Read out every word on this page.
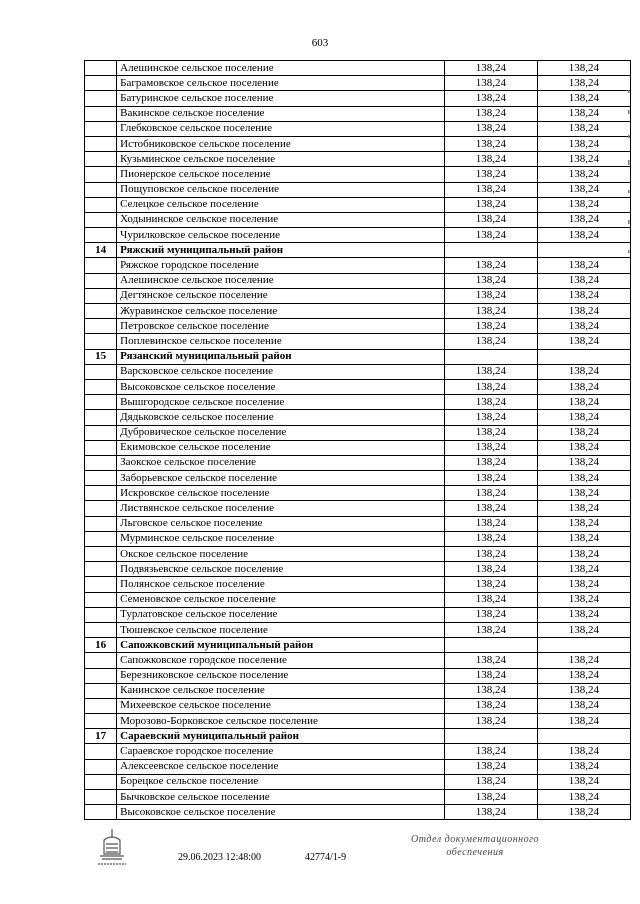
603
	Алешинское сельское поселение	138,24	138,24
	Баграмовское сельское поселение	138,24	138,24
	Батуринское сельское поселение	138,24	138,24
	Вакинское сельское поселение	138,24	138,24
	Глебковское сельское поселение	138,24	138,24
	Истобниковское сельское поселение	138,24	138,24
	Кузьминское сельское поселение	138,24	138,24
	Пионерское сельское поселение	138,24	138,24
	Пощуповское сельское поселение	138,24	138,24
	Селецкое сельское поселение	138,24	138,24
	Ходынинское сельское поселение	138,24	138,24
	Чурилковское сельское поселение	138,24	138,24
14	Ряжский муниципальный район		
	Ряжское городское поселение	138,24	138,24
	Алешинское сельское поселение	138,24	138,24
	Дегтянское сельское поселение	138,24	138,24
	Журавинское сельское поселение	138,24	138,24
	Петровское сельское поселение	138,24	138,24
	Поплевинское сельское поселение	138,24	138,24
15	Рязанский муниципальный район		
	Варсковское сельское поселение	138,24	138,24
	Высоковское сельское поселение	138,24	138,24
	Вышгородское сельское поселение	138,24	138,24
	Дядьковское сельское поселение	138,24	138,24
	Дубровическое сельское поселение	138,24	138,24
	Екимовское сельское поселение	138,24	138,24
	Заокское сельское поселение	138,24	138,24
	Заборьевское сельское поселение	138,24	138,24
	Искровское сельское поселение	138,24	138,24
	Листвянское сельское поселение	138,24	138,24
	Льговское сельское поселение	138,24	138,24
	Мурминское сельское поселение	138,24	138,24
	Окское сельское поселение	138,24	138,24
	Подвязьевское сельское поселение	138,24	138,24
	Полянское сельское поселение	138,24	138,24
	Семеновское сельское поселение	138,24	138,24
	Турлатовское сельское поселение	138,24	138,24
	Тюшевское сельское поселение	138,24	138,24
16	Сапожковский муниципальный район		
	Сапожковское городское поселение	138,24	138,24
	Березниковское сельское поселение	138,24	138,24
	Канинское сельское поселение	138,24	138,24
	Михеевское сельское поселение	138,24	138,24
	Морозово-Борковское сельское поселение	138,24	138,24
17	Сараевский муниципальный район		
	Сараевское городское поселение	138,24	138,24
	Алексеевское сельское поселение	138,24	138,24
	Борецкое сельское поселение	138,24	138,24
	Бычковское сельское поселение	138,24	138,24
	Высоковское сельское поселение	138,24	138,24
29.06.2023 12:48:00	42774/1-9
Отдел документационного
обеспечения
